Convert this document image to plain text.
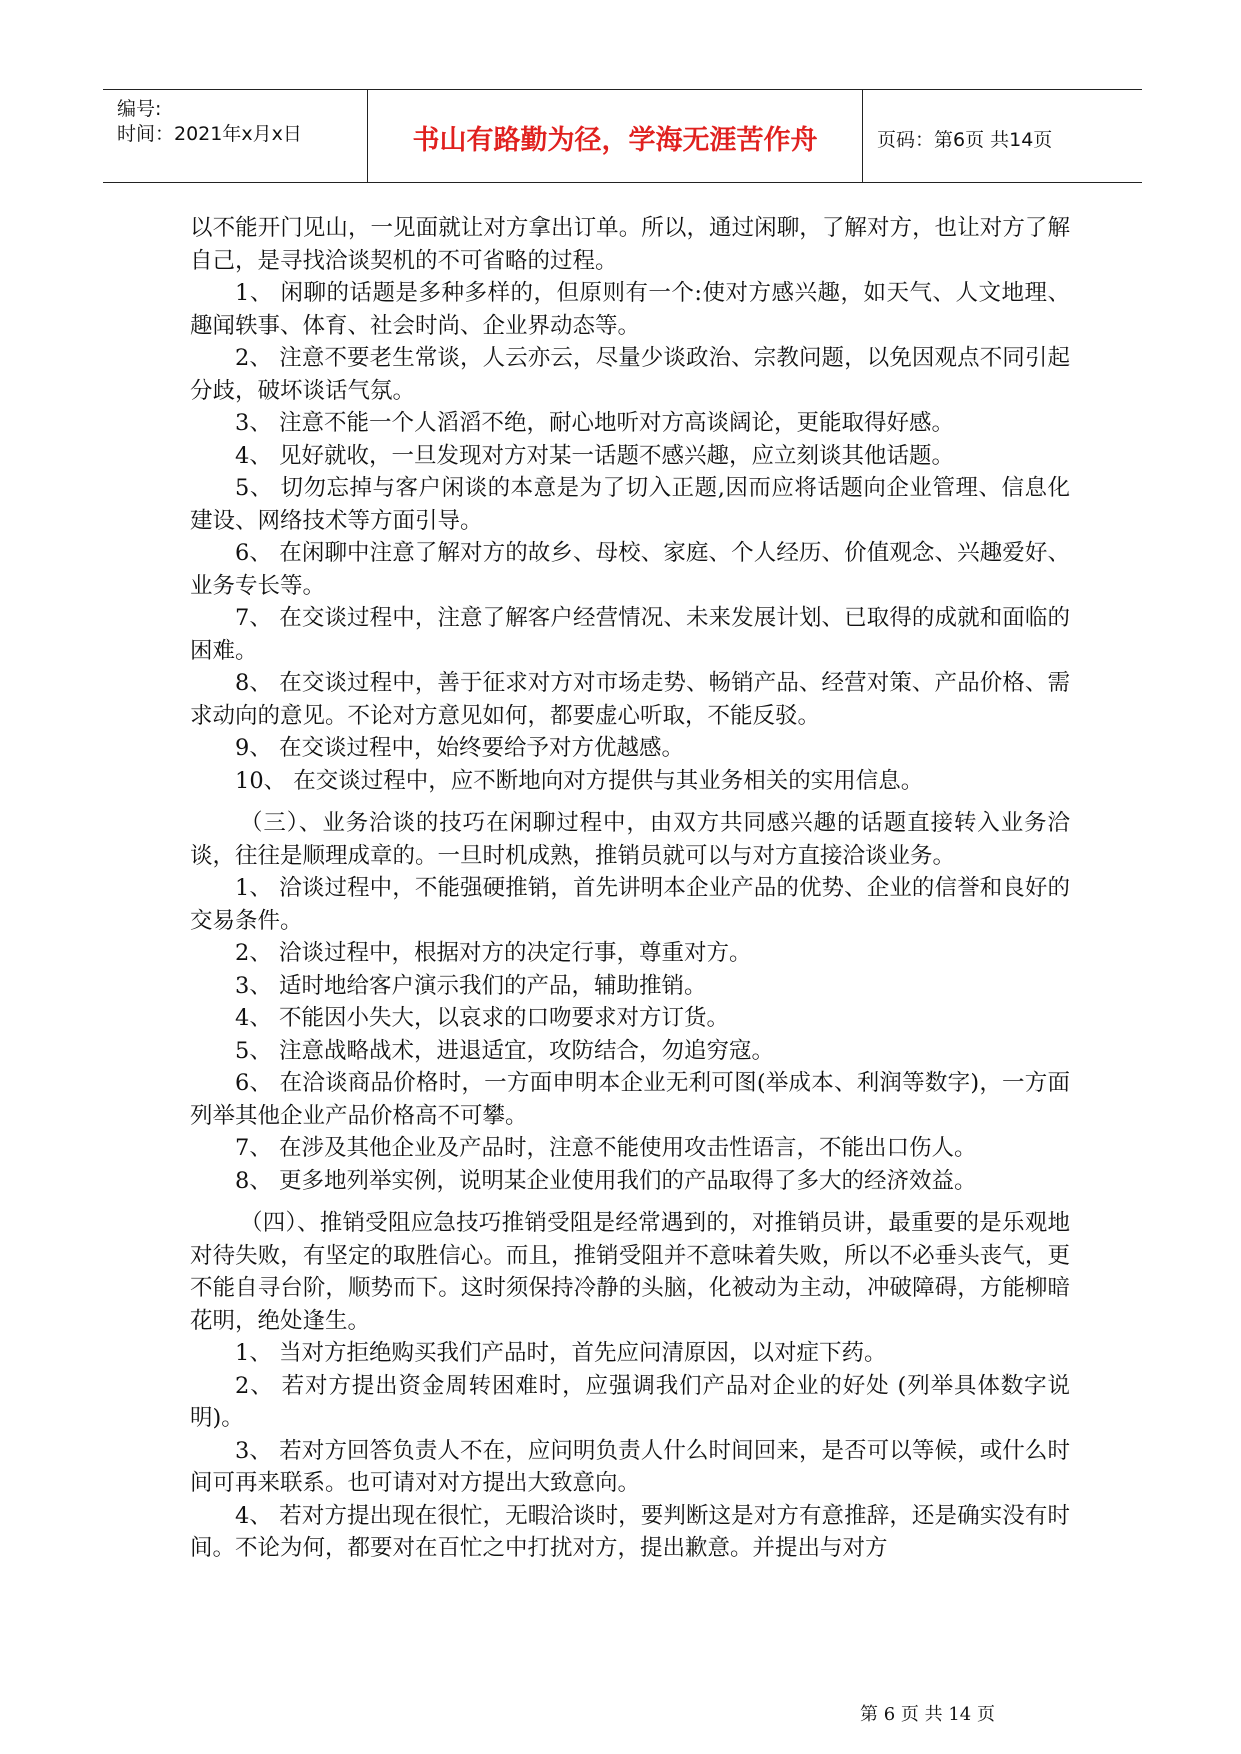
编号:
时间：2021年x月x日	书山有路勤为径，学海无涯苦作舟	页码：第6页 共14页

以不能开门见山，一见面就让对方拿出订单。所以，通过闲聊，了解对方，也让对方了解自己，是寻找洽谈契机的不可省略的过程。

1、 闲聊的话题是多种多样的，但原则有一个:使对方感兴趣，如天气、人文地理、趣闻轶事、体育、社会时尚、企业界动态等。

2、 注意不要老生常谈，人云亦云，尽量少谈政治、宗教问题，以免因观点不同引起分歧，破坏谈话气氛。

3、 注意不能一个人滔滔不绝，耐心地听对方高谈阔论，更能取得好感。

4、 见好就收，一旦发现对方对某一话题不感兴趣，应立刻谈其他话题。

5、 切勿忘掉与客户闲谈的本意是为了切入正题,因而应将话题向企业管理、信息化建设、网络技术等方面引导。

6、 在闲聊中注意了解对方的故乡、母校、家庭、个人经历、价值观念、兴趣爱好、业务专长等。

7、 在交谈过程中，注意了解客户经营情况、未来发展计划、已取得的成就和面临的困难。

8、 在交谈过程中，善于征求对方对市场走势、畅销产品、经营对策、产品价格、需求动向的意见。不论对方意见如何，都要虚心听取，不能反驳。

9、 在交谈过程中，始终要给予对方优越感。

10、 在交谈过程中，应不断地向对方提供与其业务相关的实用信息。

（三）、业务洽谈的技巧在闲聊过程中，由双方共同感兴趣的话题直接转入业务洽谈，往往是顺理成章的。一旦时机成熟，推销员就可以与对方直接洽谈业务。

1、 洽谈过程中，不能强硬推销，首先讲明本企业产品的优势、企业的信誉和良好的交易条件。

2、 洽谈过程中，根据对方的决定行事，尊重对方。

3、 适时地给客户演示我们的产品，辅助推销。

4、 不能因小失大，以哀求的口吻要求对方订货。

5、 注意战略战术，进退适宜，攻防结合，勿追穷寇。

6、 在洽谈商品价格时，一方面申明本企业无利可图(举成本、利润等数字)，一方面列举其他企业产品价格高不可攀。

7、 在涉及其他企业及产品时，注意不能使用攻击性语言，不能出口伤人。

8、 更多地列举实例，说明某企业使用我们的产品取得了多大的经济效益。

（四）、推销受阻应急技巧推销受阻是经常遇到的，对推销员讲，最重要的是乐观地对待失败，有坚定的取胜信心。而且，推销受阻并不意味着失败，所以不必垂头丧气，更不能自寻台阶，顺势而下。这时须保持冷静的头脑，化被动为主动，冲破障碍，方能柳暗花明，绝处逢生。

1、 当对方拒绝购买我们产品时，首先应问清原因，以对症下药。

2、 若对方提出资金周转困难时，应强调我们产品对企业的好处 (列举具体数字说明)。

3、 若对方回答负责人不在，应问明负责人什么时间回来，是否可以等候，或什么时间可再来联系。也可请对对方提出大致意向。

4、 若对方提出现在很忙，无暇洽谈时，要判断这是对方有意推辞，还是确实没有时间。不论为何，都要对在百忙之中打扰对方，提出歉意。并提出与对方

第 6 页 共 14 页
